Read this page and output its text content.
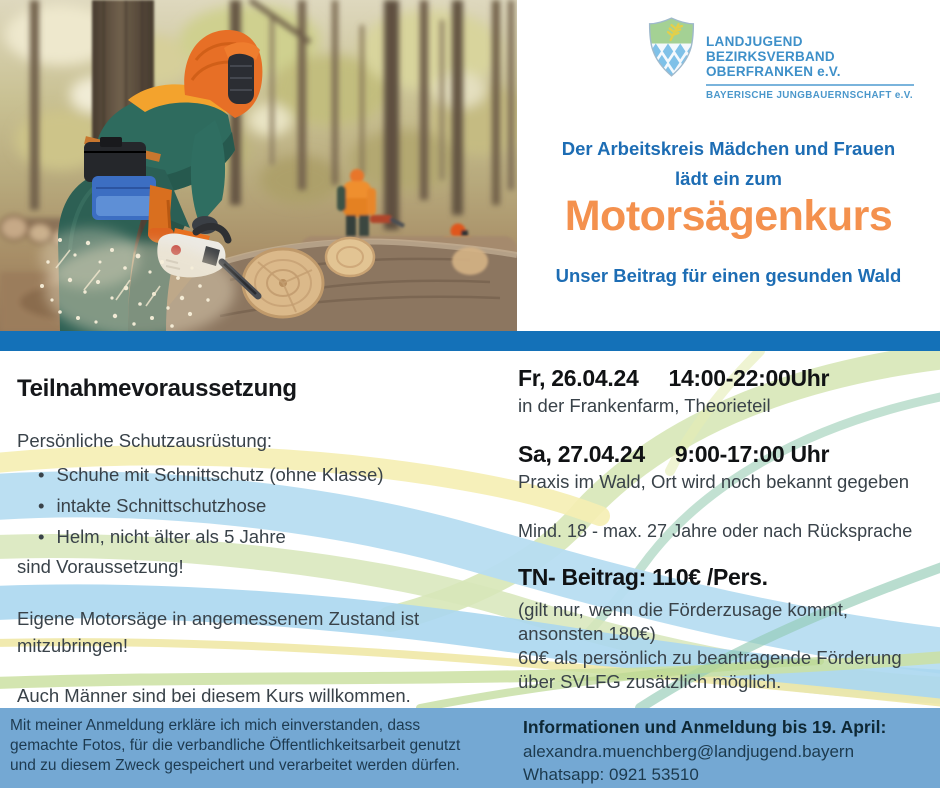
LANDJUGEND
BEZIRKSVERBAND OBERFRANKEN e.V.
BAYERISCHE JUNGBAUERNSCHAFT e.V.
Der Arbeitskreis Mädchen und Frauen
lädt ein zum
Motorsägenkurs
Unser Beitrag für einen gesunden Wald
Teilnahmevoraussetzung

Persönliche Schutzausrüstung:

• Schuhe mit Schnittschutz (ohne Klasse)
• intakte Schnittschutzhose
• Helm, nicht älter als 5 Jahre

sind Voraussetzung!

Eigene Motorsäge in angemessenem Zustand ist mitzubringen!

Auch Männer sind bei diesem Kurs willkommen.

Fr, 26.04.24 14:00-22:00Uhr

in der Frankenfarm, Theorieteil

Sa, 27.04.24 9:00-17:00 Uhr

Praxis im Wald, Ort wird noch bekannt gegeben

Mind. 18 - max. 27 Jahre oder nach Rücksprache

TN- Beitrag: 110€ /Pers.

(gilt nur, wenn die Förderzusage kommt,

ansonsten 180€)

60€ als persönlich zu beantragende Förderung

über SVLFG zusätzlich möglich.

Mit meiner Anmeldung erkläre ich mich einverstanden, dass gemachte Fotos, für die verbandliche Öffentlichkeitsarbeit genutzt und zu diesem Zweck gespeichert und verarbeitet werden dürfen.

Informationen und Anmeldung bis 19. April:

alexandra.muenchberg@landjugend.bayern

Whatsapp: 0921 53510
